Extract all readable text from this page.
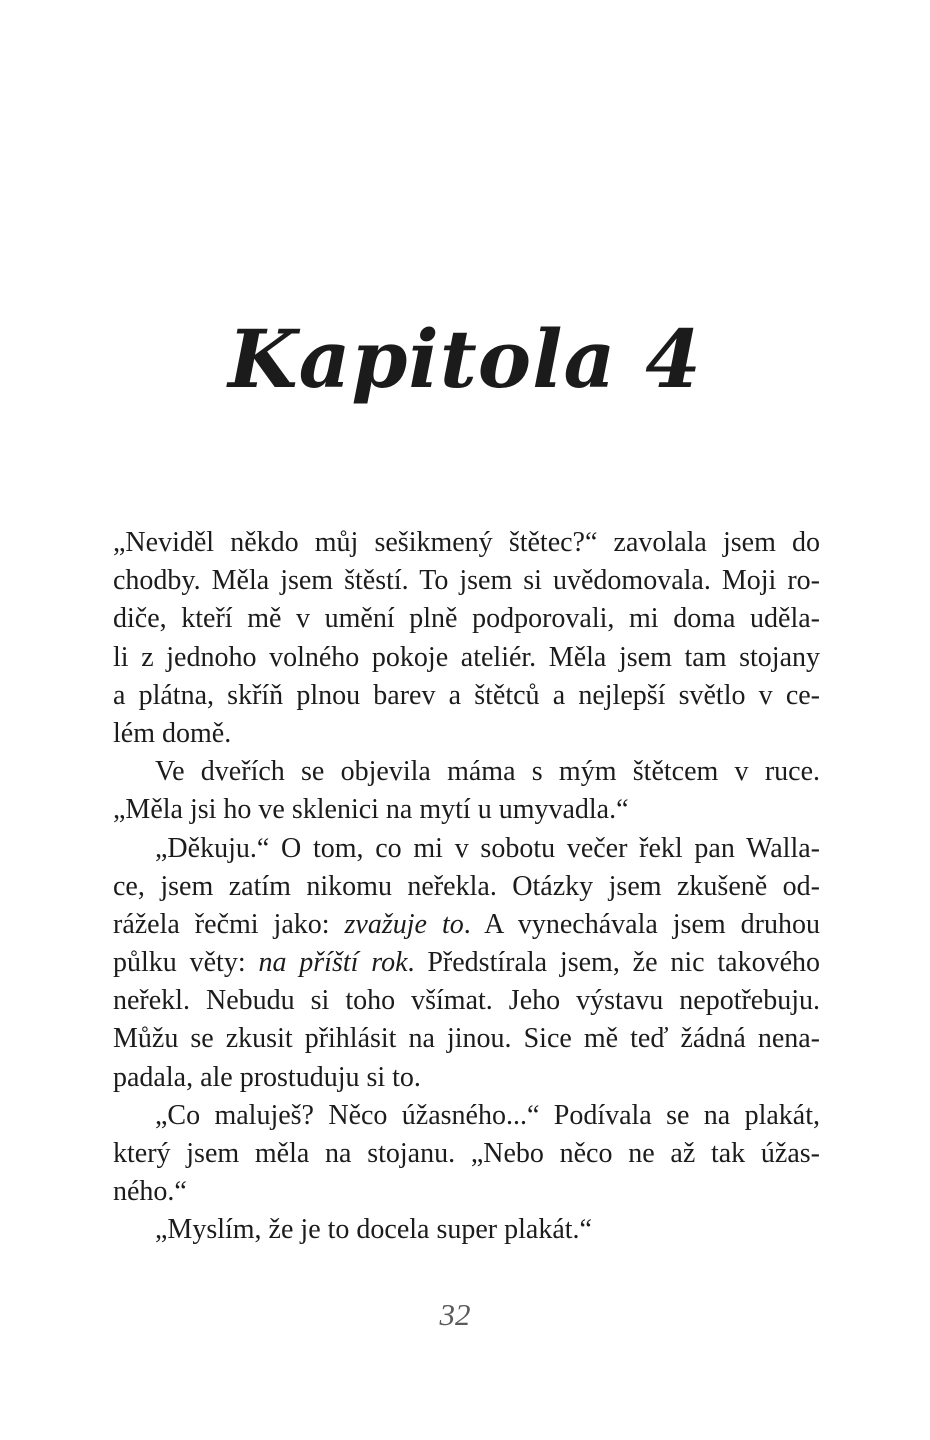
Kapitola 4
„Neviděl někdo můj sešikmený štětec?“ zavolala jsem do
chodby. Měla jsem štěstí. To jsem si uvědomovala. Moji ro-
diče, kteří mě v umění plně podporovali, mi doma uděla-
li z jednoho volného pokoje ateliér. Měla jsem tam stojany
a plátna, skříň plnou barev a štětců a nejlepší světlo v ce-
lém domě.
Ve dveřích se objevila máma s mým štětcem v ruce.
„Měla jsi ho ve sklenici na mytí u umyvadla.“
„Děkuju.“ O tom, co mi v sobotu večer řekl pan Walla-
ce, jsem zatím nikomu neřekla. Otázky jsem zkušeně od-
rážela řečmi jako: zvažuje to. A vynechávala jsem druhou
půlku věty: na příští rok. Předstírala jsem, že nic takového
neřekl. Nebudu si toho všímat. Jeho výstavu nepotřebuju.
Můžu se zkusit přihlásit na jinou. Sice mě teď žádná nena-
padala, ale prostuduju si to.
„Co maluješ? Něco úžasného...“ Podívala se na plakát,
který jsem měla na stojanu. „Nebo něco ne až tak úžas-
ného.“
„Myslím, že je to docela super plakát.“
32
